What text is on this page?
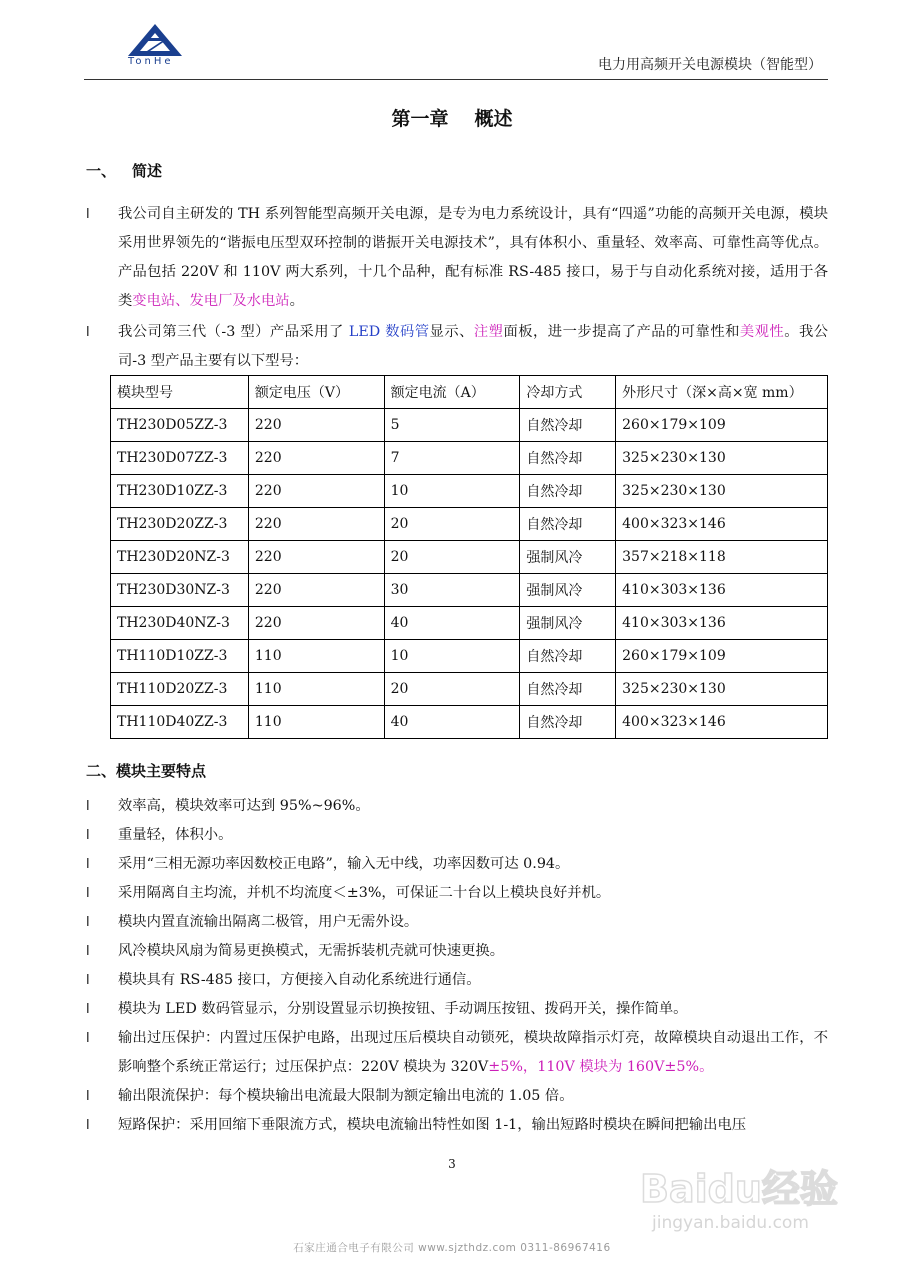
TonHe	电力用高频开关电源模块（智能型）
第一章 概述
一、 简述
l	我公司自主研发的 TH 系列智能型高频开关电源，是专为电力系统设计，具有“四遥”功能的高频开关电源，模块采用世界领先的“谐振电压型双环控制的谐振开关电源技术”，具有体积小、重量轻、效率高、可靠性高等优点。产品包括 220V 和 110V 两大系列，十几个品种，配有标准 RS-485 接口，易于与自动化系统对接，适用于各类变电站、发电厂及水电站。
l	我公司第三代（-3 型）产品采用了 LED 数码管显示、注塑面板，进一步提高了产品的可靠性和美观性。我公司-3 型产品主要有以下型号：
模块型号	额定电压（V）	额定电流（A）	冷却方式	外形尺寸（深×高×宽 mm）
TH230D05ZZ-3	220	5	自然冷却	260×179×109
TH230D07ZZ-3	220	7	自然冷却	325×230×130
TH230D10ZZ-3	220	10	自然冷却	325×230×130
TH230D20ZZ-3	220	20	自然冷却	400×323×146
TH230D20NZ-3	220	20	强制风冷	357×218×118
TH230D30NZ-3	220	30	强制风冷	410×303×136
TH230D40NZ-3	220	40	强制风冷	410×303×136
TH110D10ZZ-3	110	10	自然冷却	260×179×109
TH110D20ZZ-3	110	20	自然冷却	325×230×130
TH110D40ZZ-3	110	40	自然冷却	400×323×146
二、模块主要特点
l	效率高，模块效率可达到 95%~96%。
l	重量轻，体积小。
l	采用“三相无源功率因数校正电路”，输入无中线，功率因数可达 0.94。
l	采用隔离自主均流，并机不均流度＜±3%，可保证二十台以上模块良好并机。
l	模块内置直流输出隔离二极管，用户无需外设。
l	风冷模块风扇为简易更换模式，无需拆装机壳就可快速更换。
l	模块具有 RS-485 接口，方便接入自动化系统进行通信。
l	模块为 LED 数码管显示，分别设置显示切换按钮、手动调压按钮、拨码开关，操作简单。
l	输出过压保护：内置过压保护电路，出现过压后模块自动锁死，模块故障指示灯亮，故障模块自动退出工作，不影响整个系统正常运行；过压保护点：220V 模块为 320V±5%，110V 模块为 160V±5%。
l	输出限流保护：每个模块输出电流最大限制为额定输出电流的 1.05 倍。
l	短路保护：采用回缩下垂限流方式，模块电流输出特性如图 1-1，输出短路时模块在瞬间把输出电压
3
Baidu经验
jingyan.baidu.com
石家庄通合电子有限公司 www.sjzthdz.com 0311-86967416
